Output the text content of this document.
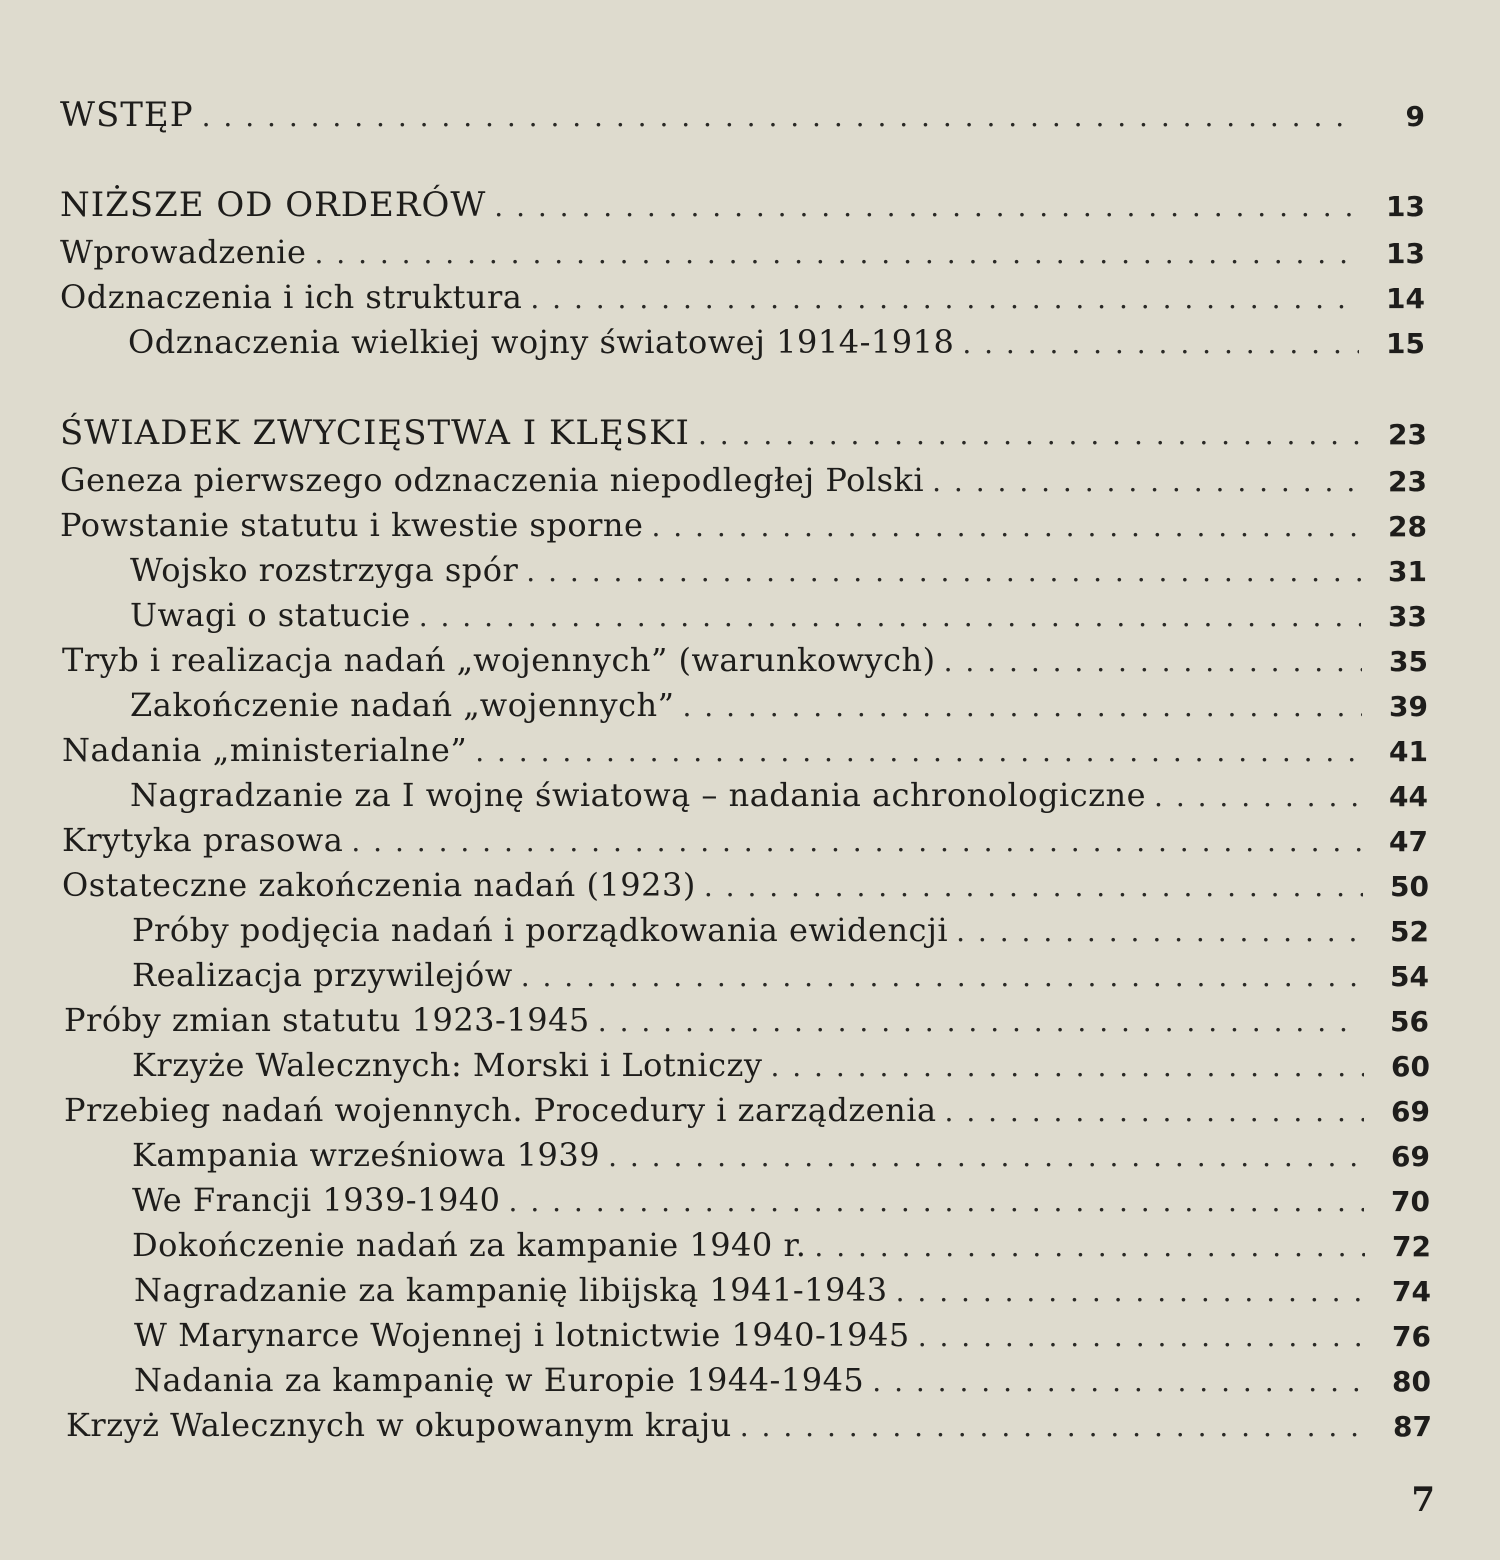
WSTĘP . . .	9
NIŻSZE OD ORDERÓW . . .	13
Wprowadzenie . . .	13
Odznaczenia i ich struktura . . .	14
Odznaczenia wielkiej wojny światowej 1914-1918 . . .	15
ŚWIADEK ZWYCIĘSTWA I KLĘSKI . . .	23
Geneza pierwszego odznaczenia niepodległej Polski . . .	23
Powstanie statutu i kwestie sporne . . .	28
Wojsko rozstrzyga spór . . .	31
Uwagi o statucie . . .	33
Tryb i realizacja nadań „wojennych” (warunkowych) . . .	35
Zakończenie nadań „wojennych” . . .	39
Nadania „ministerialne” . . .	41
Nagradzanie za I wojnę światową – nadania achronologiczne . . .	44
Krytyka prasowa . . .	47
Ostateczne zakończenia nadań (1923) . . .	50
Próby podjęcia nadań i porządkowania ewidencji . . .	52
Realizacja przywilejów . . .	54
Próby zmian statutu 1923-1945 . . .	56
Krzyże Walecznych: Morski i Lotniczy . . .	60
Przebieg nadań wojennych. Procedury i zarządzenia . . .	69
Kampania wrześniowa 1939 . . .	69
We Francji 1939-1940 . . .	70
Dokończenie nadań za kampanie 1940 r. . . .	72
Nagradzanie za kampanię libijską 1941-1943 . . .	74
W Marynarce Wojennej i lotnictwie 1940-1945 . . .	76
Nadania za kampanię w Europie 1944-1945 . . .	80
Krzyż Walecznych w okupowanym kraju . . .	87
7
